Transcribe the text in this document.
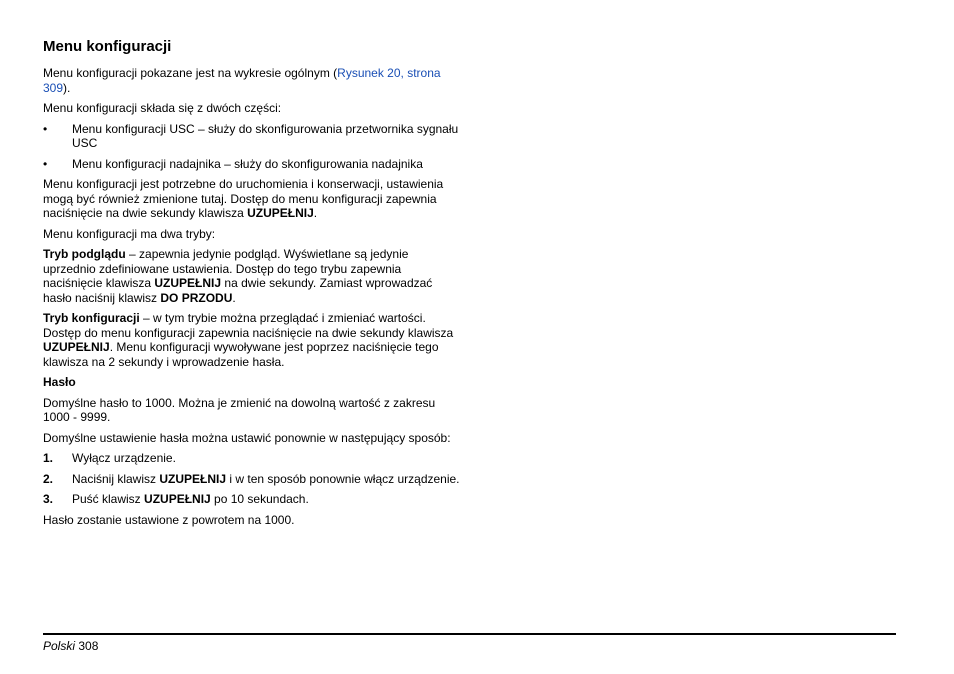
Menu konfiguracji

Menu konfiguracji pokazane jest na wykresie ogólnym (Rysunek 20, strona 309).

Menu konfiguracji składa się z dwóch części:

• Menu konfiguracji USC – służy do skonfigurowania przetwornika sygnału USC
• Menu konfiguracji nadajnika – służy do skonfigurowania nadajnika

Menu konfiguracji jest potrzebne do uruchomienia i konserwacji, ustawienia mogą być również zmienione tutaj. Dostęp do menu konfiguracji zapewnia naciśnięcie na dwie sekundy klawisza UZUPEŁNIJ.

Menu konfiguracji ma dwa tryby:

Tryb podglądu – zapewnia jedynie podgląd. Wyświetlane są jedynie uprzednio zdefiniowane ustawienia. Dostęp do tego trybu zapewnia naciśnięcie klawisza UZUPEŁNIJ na dwie sekundy. Zamiast wprowadzać hasło naciśnij klawisz DO PRZODU.

Tryb konfiguracji – w tym trybie można przeglądać i zmieniać wartości. Dostęp do menu konfiguracji zapewnia naciśnięcie na dwie sekundy klawisza UZUPEŁNIJ. Menu konfiguracji wywoływane jest poprzez naciśnięcie tego klawisza na 2 sekundy i wprowadzenie hasła.

Hasło

Domyślne hasło to 1000. Można je zmienić na dowolną wartość z zakresu 1000 - 9999.

Domyślne ustawienie hasła można ustawić ponownie w następujący sposób:

1. Wyłącz urządzenie.
2. Naciśnij klawisz UZUPEŁNIJ i w ten sposób ponownie włącz urządzenie.
3. Puść klawisz UZUPEŁNIJ po 10 sekundach.

Hasło zostanie ustawione z powrotem na 1000.

Polski 308
